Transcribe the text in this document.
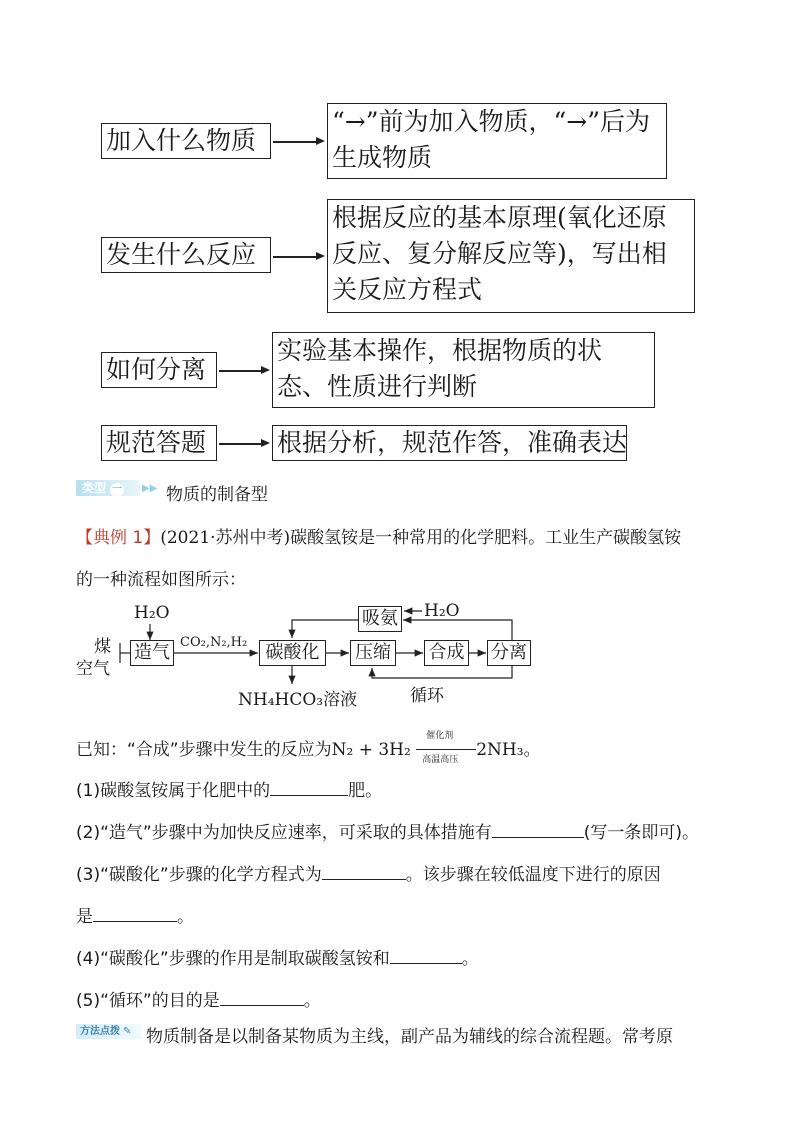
加入什么物质
“→”前为加入物质，“→”后为生成物质
发生什么反应
根据反应的基本原理(氧化还原反应、复分解反应等)，写出相关反应方程式
如何分离
实验基本操作，根据物质的状态、性质进行判断
规范答题	根据分析，规范作答，准确表达
类型 一	▶▶ 物质的制备型
【典例 1】(2021·苏州中考)碳酸氢铵是一种常用的化学肥料。工业生产碳酸氢铵
的一种流程如图所示：
煤
空气
H₂O
造气 CO₂,N₂,H₂	碳酸化	压缩 合成 分离
吸氨 H₂O
NH₄HCO₃溶液	循环
已知：“合成”步骤中发生的反应为N₂ + 3H₂
催化剂
高温高压 2NH₃。
(1)碳酸氢铵属于化肥中的	肥。
(2)“造气”步骤中为加快反应速率，可采取的具体措施有	(写一条即可)。
(3)“碳酸化”步骤的化学方程式为	。该步骤在较低温度下进行的原因
是	。
(4)“碳酸化”步骤的作用是制取碳酸氢铵和	。
(5)“循环”的目的是	。
方法点拨 ✎ 物质制备是以制备某物质为主线，副产品为辅线的综合流程题。常考原
